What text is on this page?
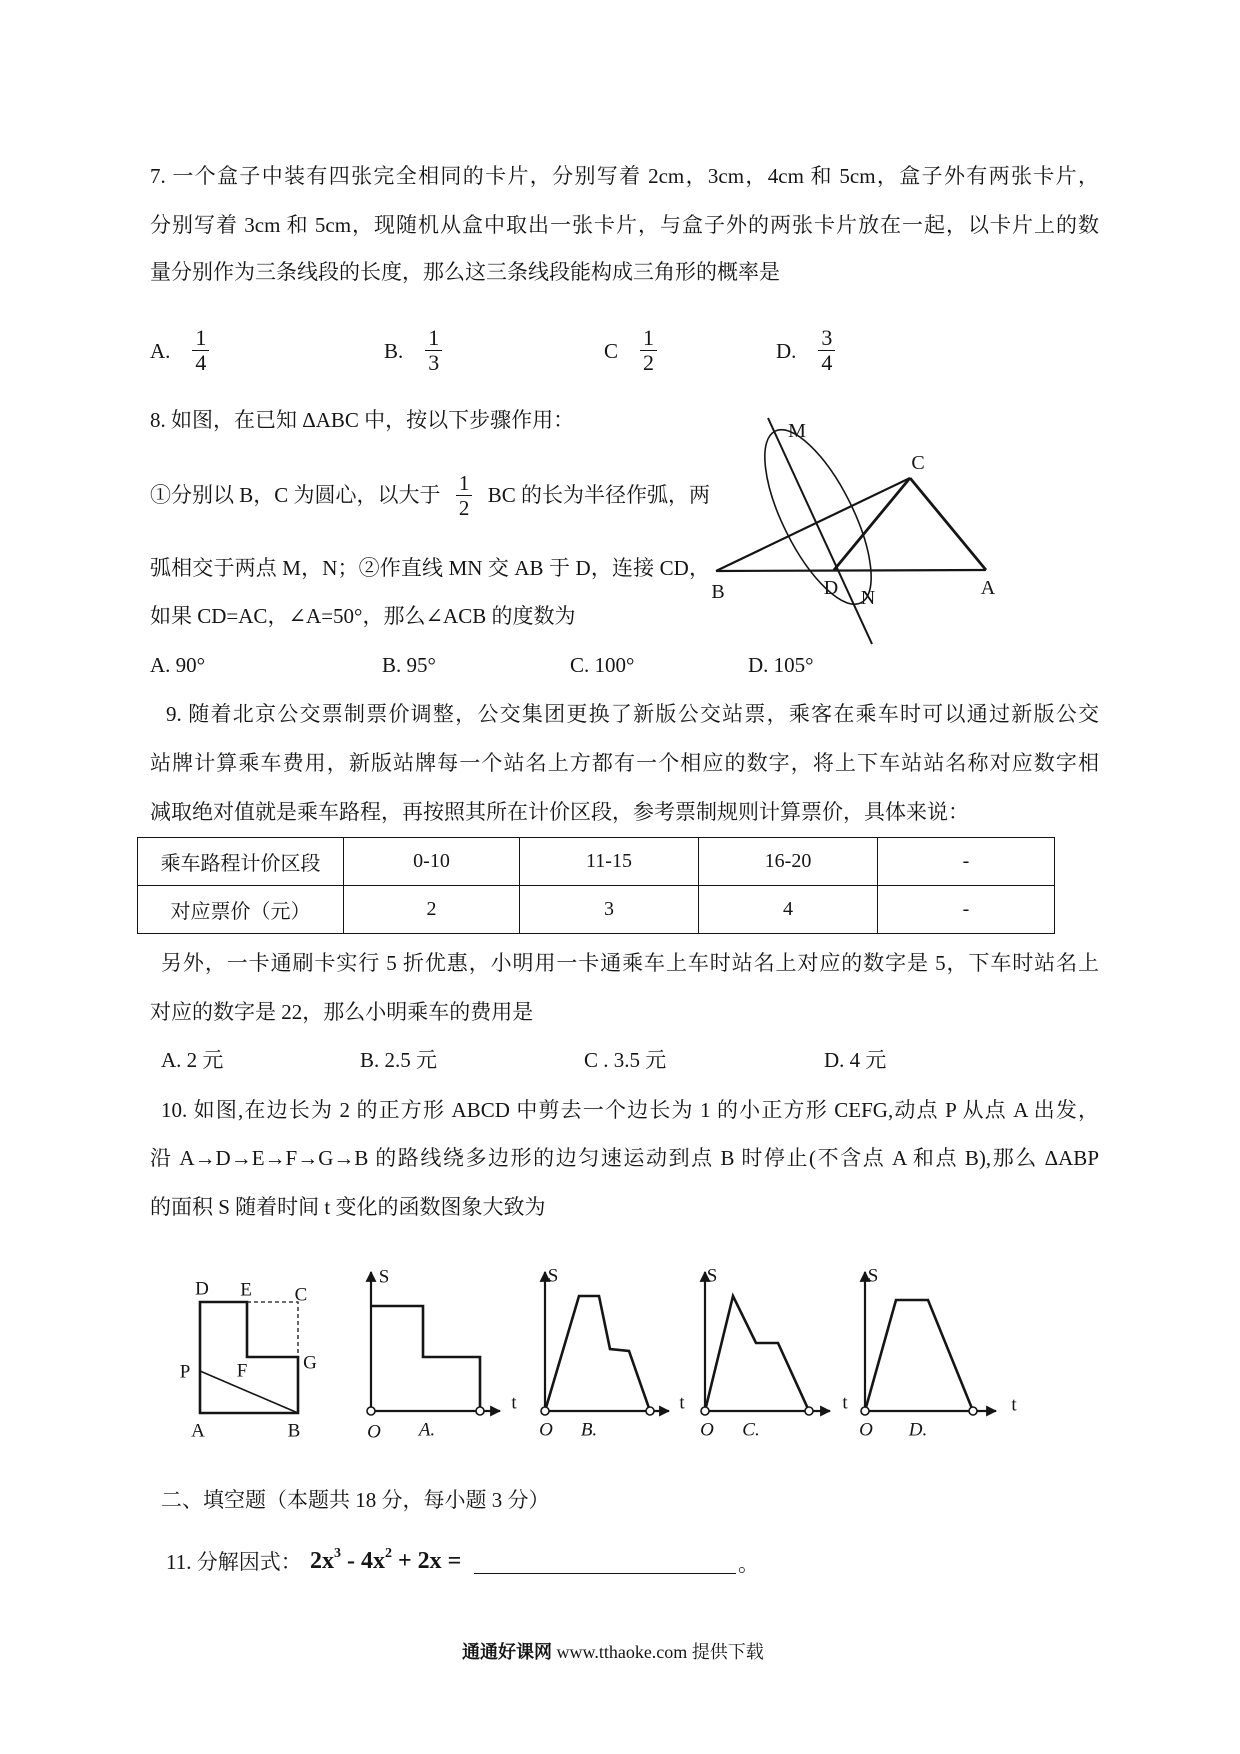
7. 一个盒子中装有四张完全相同的卡片，分别写着 2cm，3cm，4cm 和 5cm，盒子外有两张卡片，
分别写着 3cm 和 5cm，现随机从盒中取出一张卡片，与盒子外的两张卡片放在一起，以卡片上的数
量分别作为三条线段的长度，那么这三条线段能构成三角形的概率是
A. $\frac{1}{4}$	B. $\frac{1}{3}$	C $\frac{1}{2}$	D. $\frac{3}{4}$
8. 如图，在已知 ΔABC 中，按以下步骤作用：
①分别以 B，C 为圆心，以大于 $\frac{1}{2}$ BC 的长为半径作弧，两
弧相交于两点 M，N；②作直线 MN 交 AB 于 D，连接 CD，
如果 CD=AC，∠A=50°，那么∠ACB 的度数为
A. 90°	B. 95°	C. 100°	D. 105°
M
C
B	D N	A
9. 随着北京公交票制票价调整，公交集团更换了新版公交站票，乘客在乘车时可以通过新版公交
站牌计算乘车费用，新版站牌每一个站名上方都有一个相应的数字，将上下车站站名称对应数字相
减取绝对值就是乘车路程，再按照其所在计价区段，参考票制规则计算票价，具体来说：
乘车路程计价区段	0-10	11-15	16-20	-
对应票价（元）	2	3	4	-
另外，一卡通刷卡实行 5 折优惠，小明用一卡通乘车上车时站名上对应的数字是 5，下车时站名上
对应的数字是 22，那么小明乘车的费用是
A. 2 元	B. 2.5 元	C . 3.5 元	D. 4 元
10. 如图,在边长为 2 的正方形 ABCD 中剪去一个边长为 1 的小正方形 CEFG,动点 P 从点 A 出发，
沿 A→D→E→F→G→B 的路线绕多边形的边匀速运动到点 B 时停止(不含点 A 和点 B),那么 ΔABP
的面积 S 随着时间 t 变化的函数图象大致为
D E C
P F	G
A	B
S
t
O A.
S
t
O B.
S
t
O C.
S
t
O D.
二、填空题（本题共 18 分，每小题 3 分）
11. 分解因式： $2x^3 - 4x^2 + 2x$ =	。
通通好课网 www.tthaoke.com 提供下载
